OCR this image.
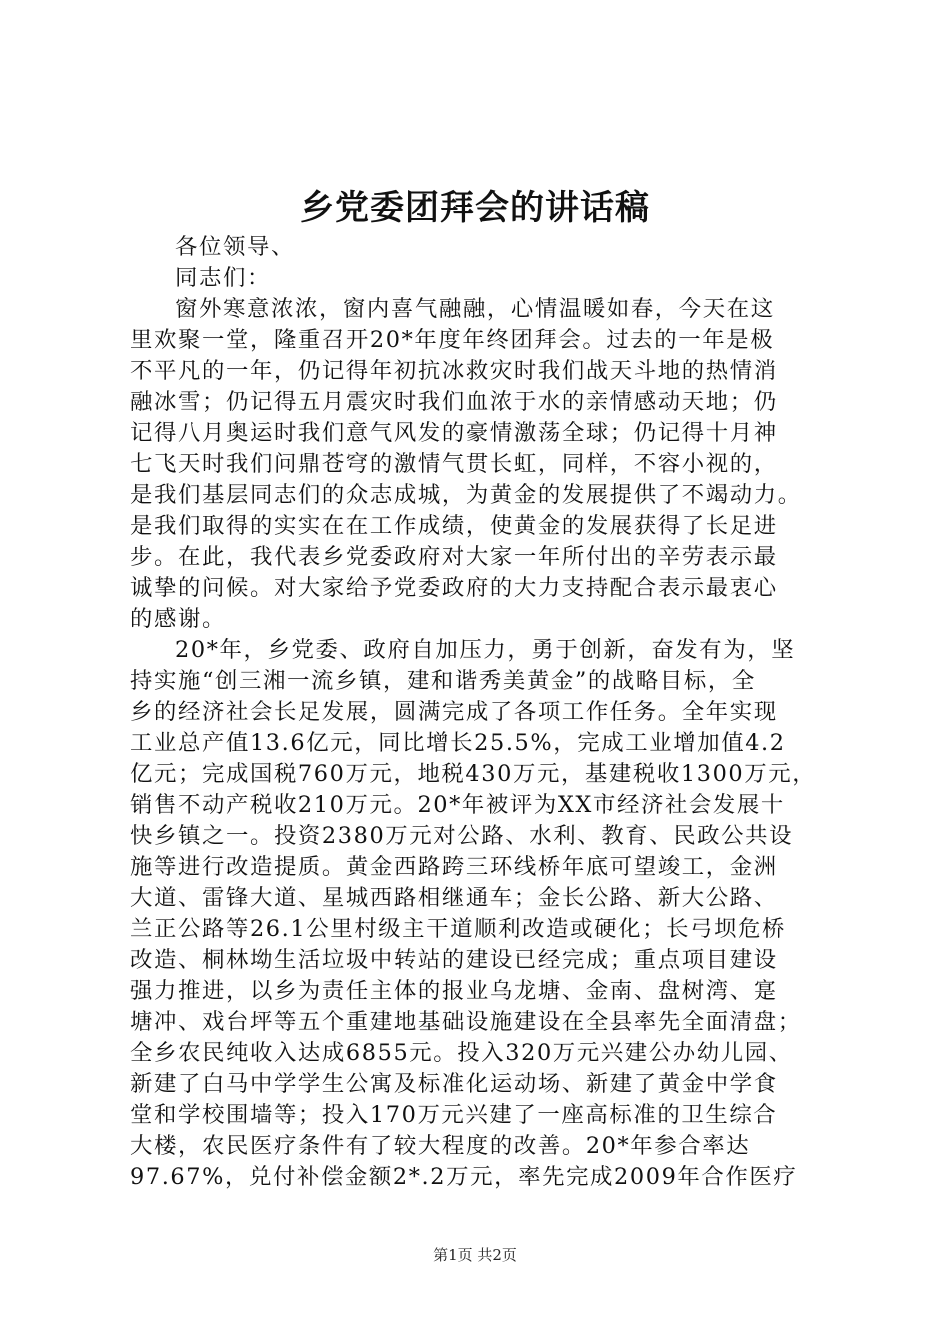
乡党委团拜会的讲话稿
各位领导、
同志们：
窗外寒意浓浓，窗内喜气融融，心情温暖如春，今天在这
里欢聚一堂，隆重召开20*年度年终团拜会。过去的一年是极
不平凡的一年，仍记得年初抗冰救灾时我们战天斗地的热情消
融冰雪；仍记得五月震灾时我们血浓于水的亲情感动天地；仍
记得八月奥运时我们意气风发的豪情激荡全球；仍记得十月神
七飞天时我们问鼎苍穹的激情气贯长虹，同样，不容小视的，
是我们基层同志们的众志成城，为黄金的发展提供了不竭动力。
是我们取得的实实在在工作成绩，使黄金的发展获得了长足进
步。在此，我代表乡党委政府对大家一年所付出的辛劳表示最
诚挚的问候。对大家给予党委政府的大力支持配合表示最衷心
的感谢。
20*年，乡党委、政府自加压力，勇于创新，奋发有为，坚
持实施“创三湘一流乡镇，建和谐秀美黄金”的战略目标，全
乡的经济社会长足发展，圆满完成了各项工作任务。全年实现
工业总产值13.6亿元，同比增长25.5%，完成工业增加值4.2
亿元；完成国税760万元，地税430万元，基建税收1300万元，
销售不动产税收210万元。20*年被评为XX市经济社会发展十
快乡镇之一。投资2380万元对公路、水利、教育、民政公共设
施等进行改造提质。黄金西路跨三环线桥年底可望竣工，金洲
大道、雷锋大道、星城西路相继通车；金长公路、新大公路、
兰正公路等26.1公里村级主干道顺利改造或硬化；长弓坝危桥
改造、桐林坳生活垃圾中转站的建设已经完成；重点项目建设
强力推进，以乡为责任主体的报业乌龙塘、金南、盘树湾、寔
塘冲、戏台坪等五个重建地基础设施建设在全县率先全面清盘；
全乡农民纯收入达成6855元。投入320万元兴建公办幼儿园、
新建了白马中学学生公寓及标准化运动场、新建了黄金中学食
堂和学校围墙等；投入170万元兴建了一座高标准的卫生综合
大楼，农民医疗条件有了较大程度的改善。20*年参合率达
97.67%，兑付补偿金额2*.2万元，率先完成2009年合作医疗
第1页 共2页
